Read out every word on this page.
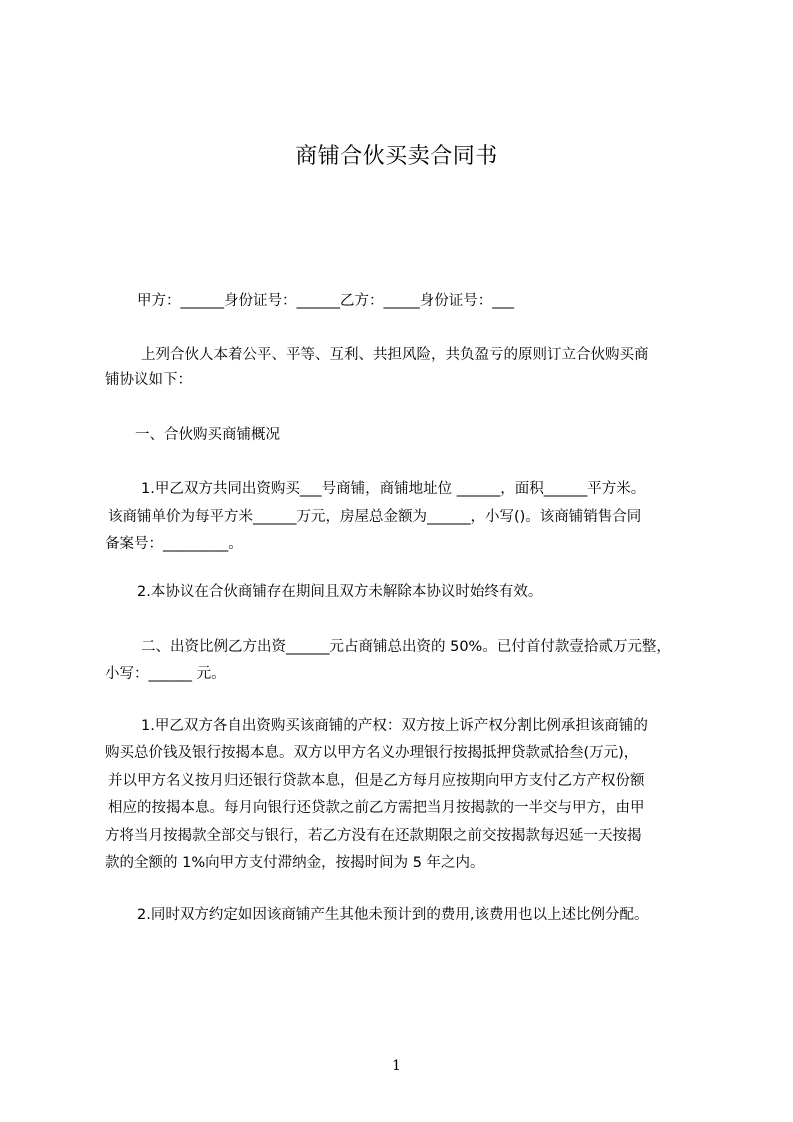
商铺合伙买卖合同书
甲方：______身份证号：______乙方：_____身份证号：___
上列合伙人本着公平、平等、互利、共担风险，共负盈亏的原则订立合伙购买商
铺协议如下：
一、合伙购买商铺概况
1.甲乙双方共同出资购买___号商铺，商铺地址位 ______，面积______平方米。
该商铺单价为每平方米______万元，房屋总金额为______，小写()。该商铺销售合同
备案号：_________。
2.本协议在合伙商铺存在期间且双方未解除本协议时始终有效。
二、出资比例乙方出资______元占商铺总出资的 50%。已付首付款壹拾贰万元整，
小写：______ 元。
1.甲乙双方各自出资购买该商铺的产权：双方按上诉产权分割比例承担该商铺的
购买总价钱及银行按揭本息。双方以甲方名义办理银行按揭抵押贷款贰拾叁(万元)，
并以甲方名义按月归还银行贷款本息，但是乙方每月应按期向甲方支付乙方产权份额
相应的按揭本息。每月向银行还贷款之前乙方需把当月按揭款的一半交与甲方，由甲
方将当月按揭款全部交与银行，若乙方没有在还款期限之前交按揭款每迟延一天按揭
款的全额的 1%向甲方支付滞纳金，按揭时间为 5 年之内。
2.同时双方约定如因该商铺产生其他未预计到的费用,该费用也以上述比例分配。
1
